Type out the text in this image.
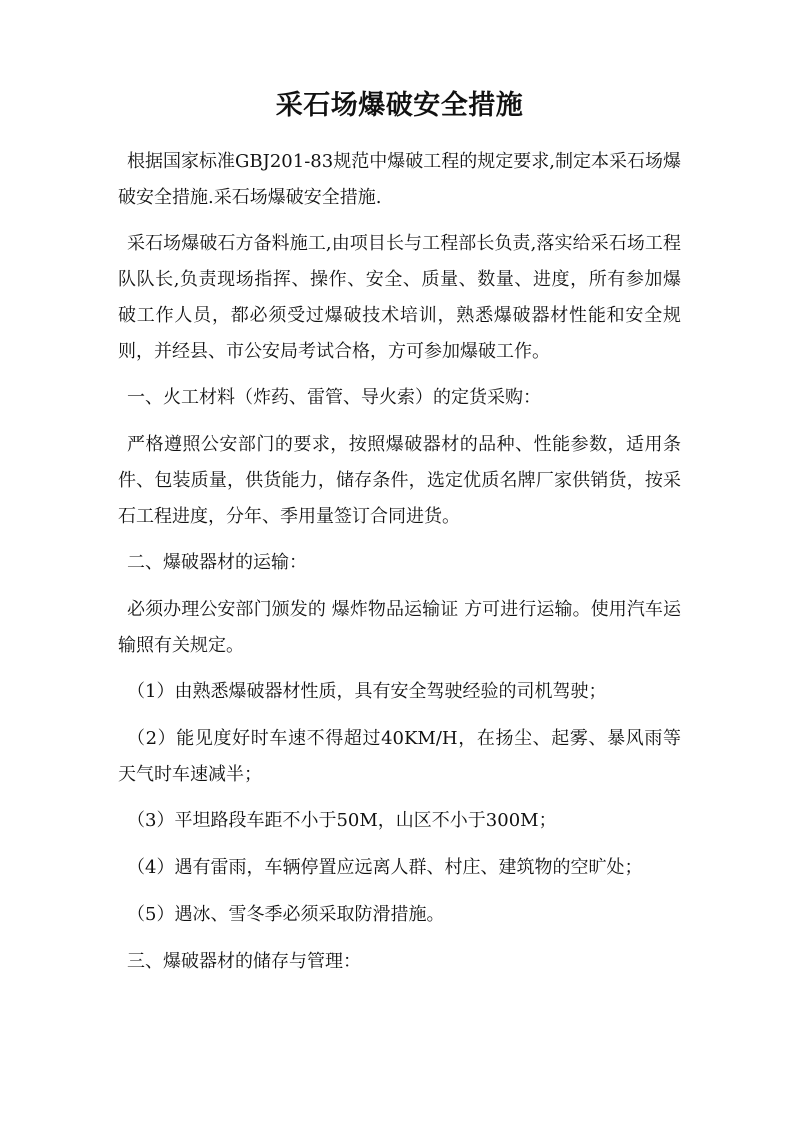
采石场爆破安全措施

根据国家标准GBJ201-83规范中爆破工程的规定要求,制定本采石场爆破安全措施.采石场爆破安全措施.

采石场爆破石方备料施工,由项目长与工程部长负责,落实给采石场工程队队长,负责现场指挥、操作、安全、质量、数量、进度，所有参加爆破工作人员，都必须受过爆破技术培训，熟悉爆破器材性能和安全规则，并经县、市公安局考试合格，方可参加爆破工作。

一、火工材料（炸药、雷管、导火索）的定货采购：

严格遵照公安部门的要求，按照爆破器材的品种、性能参数，适用条件、包装质量，供货能力，储存条件，选定优质名牌厂家供销货，按采石工程进度，分年、季用量签订合同进货。

二、爆破器材的运输：

必须办理公安部门颁发的 爆炸物品运输证 方可进行运输。使用汽车运输照有关规定。

（1）由熟悉爆破器材性质，具有安全驾驶经验的司机驾驶；

（2）能见度好时车速不得超过40KM/H，在扬尘、起雾、暴风雨等天气时车速减半；

（3）平坦路段车距不小于50M，山区不小于300M；

（4）遇有雷雨，车辆停置应远离人群、村庄、建筑物的空旷处；

（5）遇冰、雪冬季必须采取防滑措施。

三、爆破器材的储存与管理：
